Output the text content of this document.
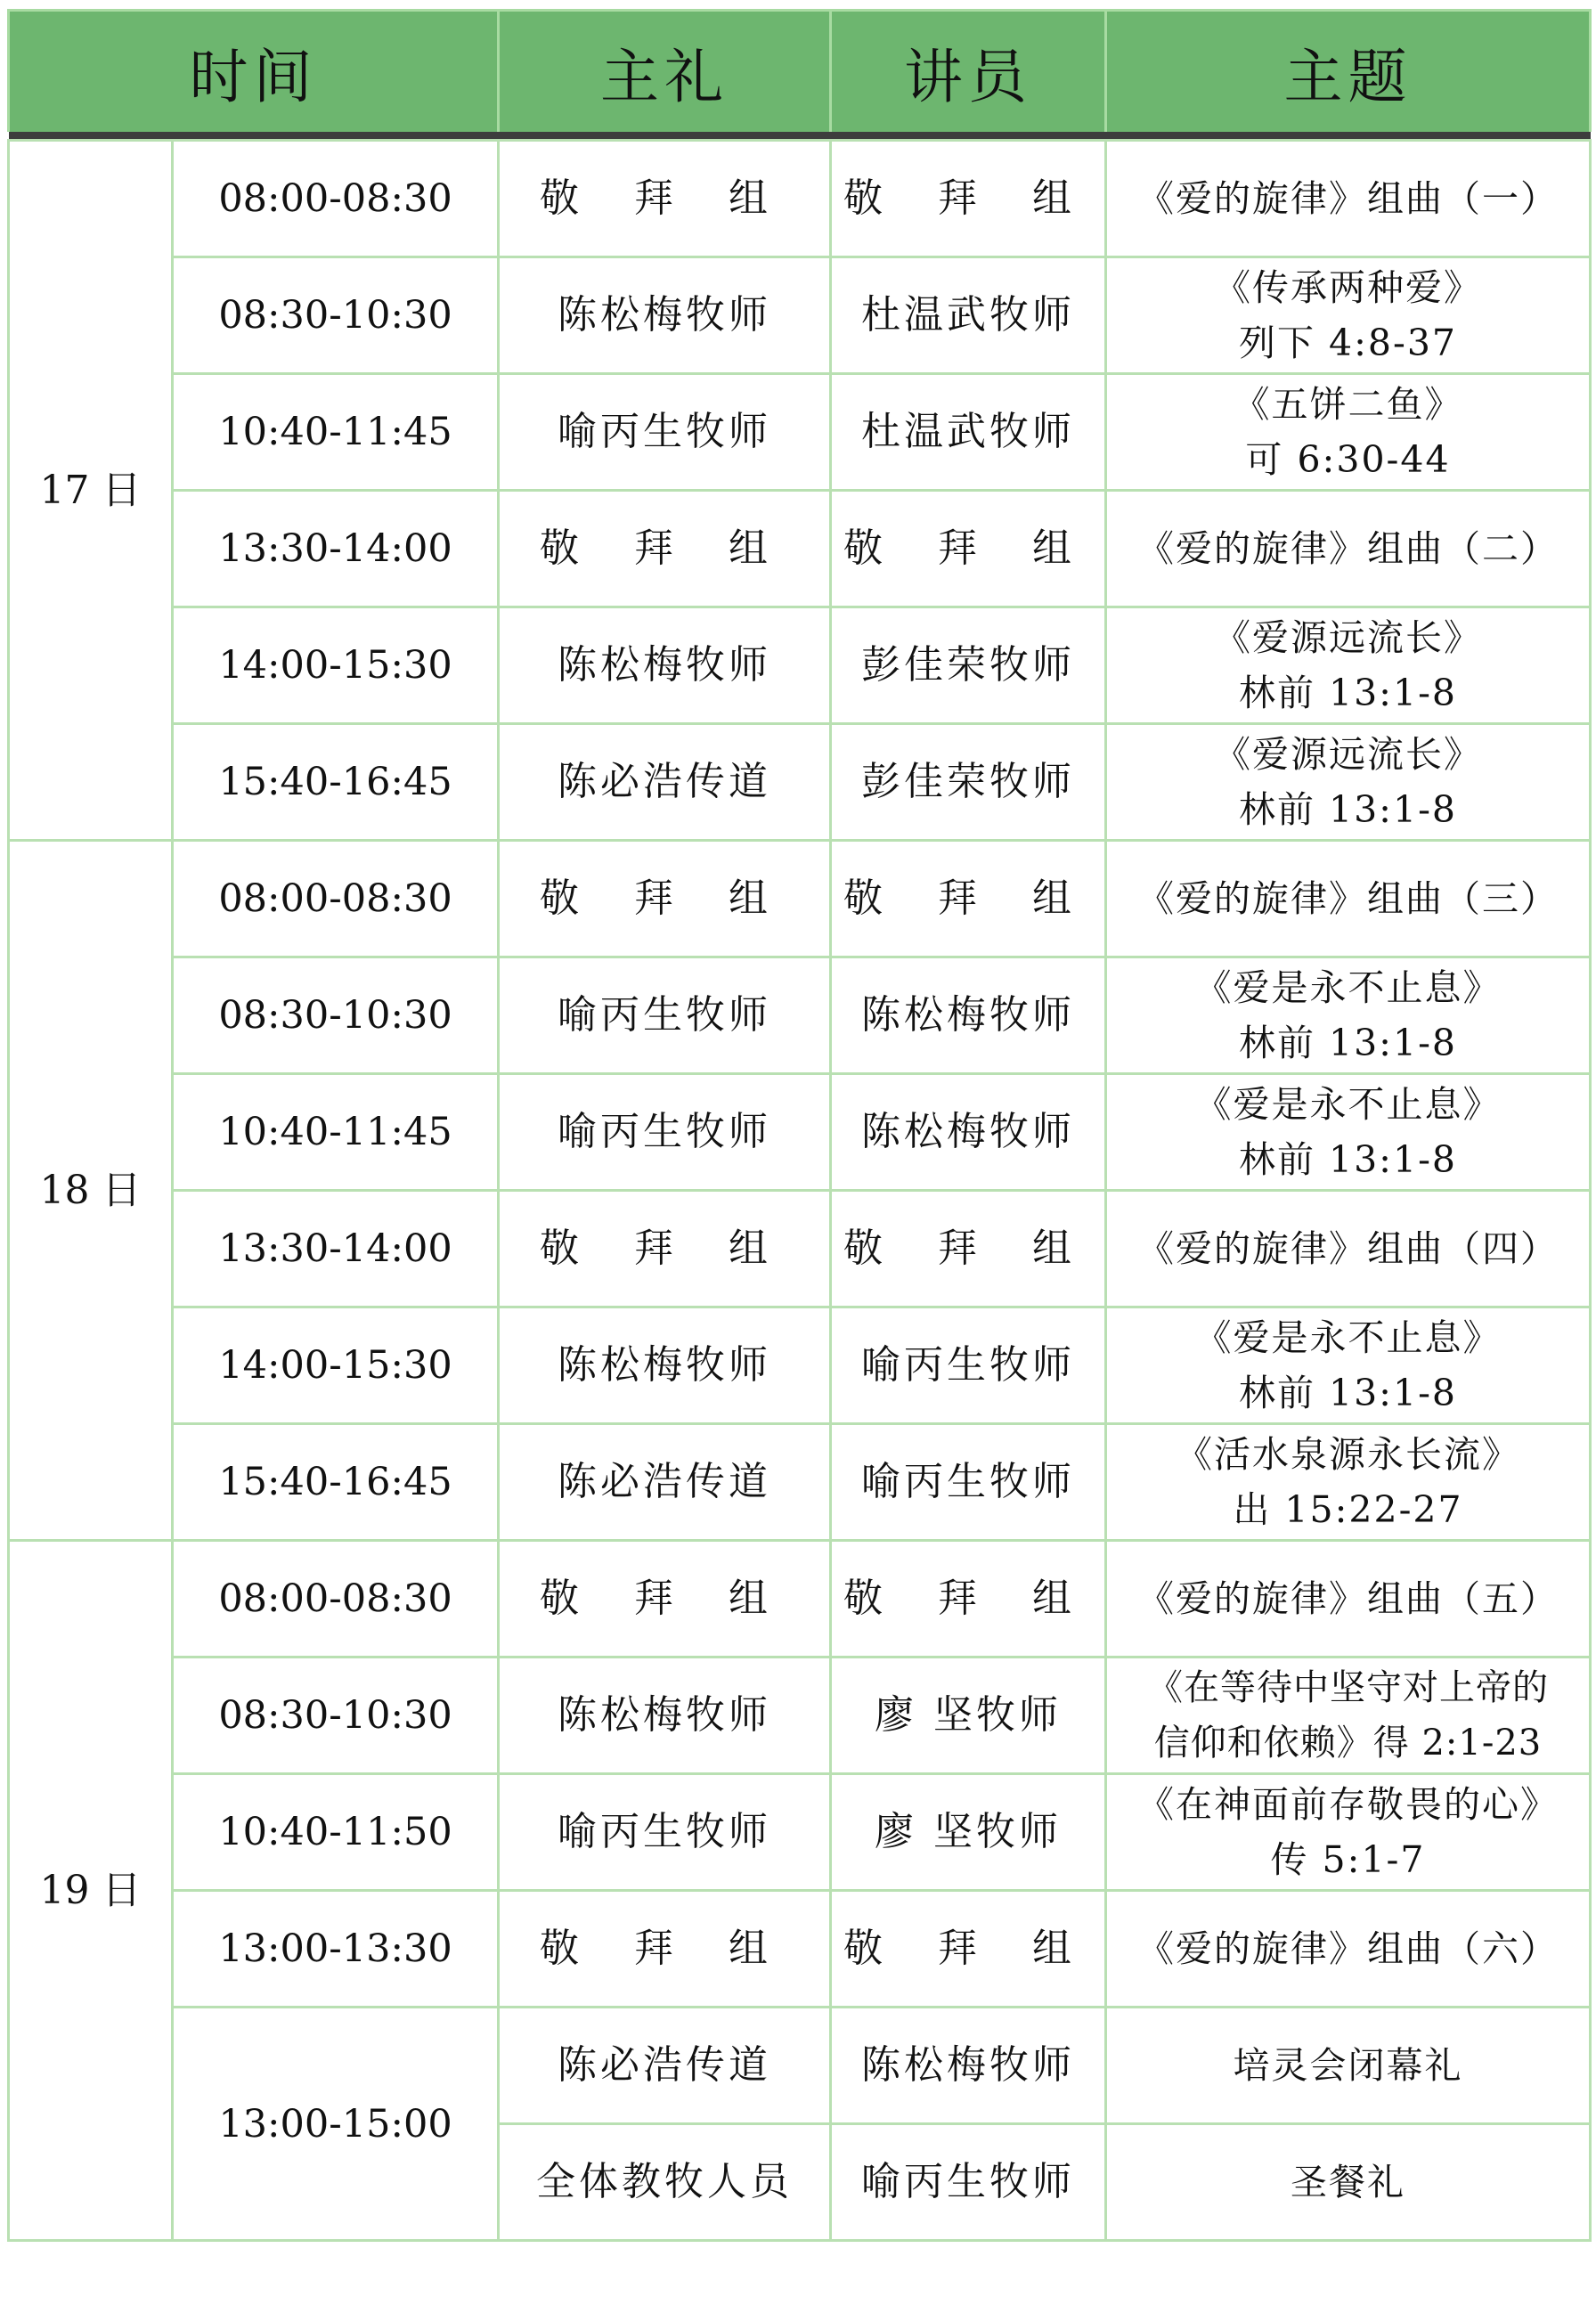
时间		主礼	讲员	主题

17 日	08:00-08:30	敬 拜 组	敬 拜 组	《爱的旋律》组曲（一）

	08:30-10:30	陈松梅牧师	杜温武牧师	《传承两种爱》
列下 4:8-37

	10:40-11:45	喻丙生牧师	杜温武牧师	《五饼二鱼》
可 6:30-44

	13:30-14:00	敬 拜 组	敬 拜 组	《爱的旋律》组曲（二）

	14:00-15:30	陈松梅牧师	彭佳荣牧师	《爱源远流长》
林前 13:1-8

	15:40-16:45	陈必浩传道	彭佳荣牧师	《爱源远流长》
林前 13:1-8

18 日	08:00-08:30	敬 拜 组	敬 拜 组	《爱的旋律》组曲（三）

	08:30-10:30	喻丙生牧师	陈松梅牧师	《爱是永不止息》
林前 13:1-8

	10:40-11:45	喻丙生牧师	陈松梅牧师	《爱是永不止息》
林前 13:1-8

	13:30-14:00	敬 拜 组	敬 拜 组	《爱的旋律》组曲（四）

	14:00-15:30	陈松梅牧师	喻丙生牧师	《爱是永不止息》
林前 13:1-8

	15:40-16:45	陈必浩传道	喻丙生牧师	《活水泉源永长流》
出 15:22-27

19 日	08:00-08:30	敬 拜 组	敬 拜 组	《爱的旋律》组曲（五）

	08:30-10:30	陈松梅牧师	廖 坚牧师	《在等待中坚守对上帝的
信仰和依赖》得 2:1-23

	10:40-11:50	喻丙生牧师	廖 坚牧师	《在神面前存敬畏的心》
传 5:1-7

	13:00-13:30	敬 拜 组	敬 拜 组	《爱的旋律》组曲（六）

	13:00-15:00	陈必浩传道	陈松梅牧师	培灵会闭幕礼
		全体教牧人员	喻丙生牧师	圣餐礼
